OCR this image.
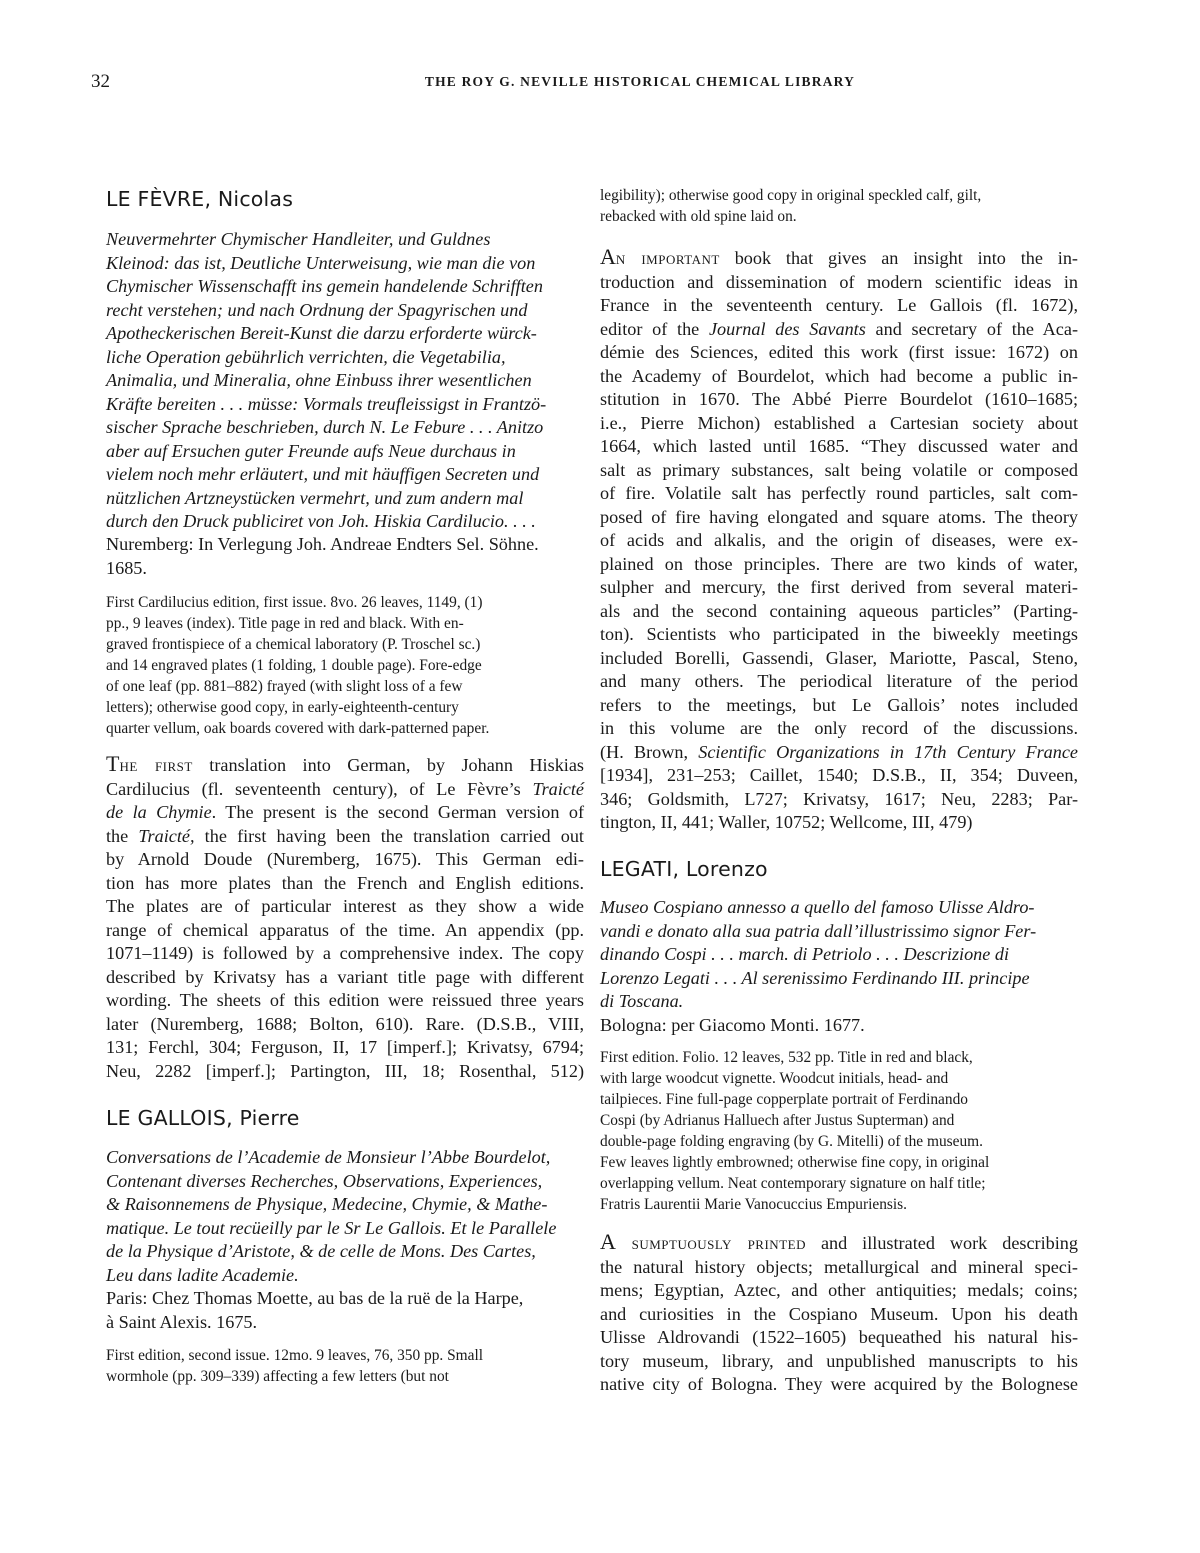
32	THE ROY G. NEVILLE HISTORICAL CHEMICAL LIBRARY
LE FÈVRE, Nicolas
Neuvermehrter Chymischer Handleiter, und Guldnes
Kleinod: das ist, Deutliche Unterweisung, wie man die von
Chymischer Wissenschafft ins gemein handelende Schrifften
recht verstehen; und nach Ordnung der Spagyrischen und
Apotheckerischen Bereit-Kunst die darzu erforderte würck-
liche Operation gebührlich verrichten, die Vegetabilia,
Animalia, und Mineralia, ohne Einbuss ihrer wesentlichen
Kräfte bereiten . . . müsse: Vormals treufleissigst in Frantzö-
sischer Sprache beschrieben, durch N. Le Febure . . . Anitzo
aber auf Ersuchen guter Freunde aufs Neue durchaus in
vielem noch mehr erläutert, und mit häuffigen Secreten und
nützlichen Artzneystücken vermehrt, und zum andern mal
durch den Druck publiciret von Joh. Hiskia Cardilucio. . . .
Nuremberg: In Verlegung Joh. Andreae Endters Sel. Söhne.
1685.
First Cardilucius edition, first issue. 8vo. 26 leaves, 1149, (1)
pp., 9 leaves (index). Title page in red and black. With en-
graved frontispiece of a chemical laboratory (P. Troschel sc.)
and 14 engraved plates (1 folding, 1 double page). Fore-edge
of one leaf (pp. 881–882) frayed (with slight loss of a few
letters); otherwise good copy, in early-eighteenth-century
quarter vellum, oak boards covered with dark-patterned paper.
The first translation into German, by Johann Hiskias
Cardilucius (fl. seventeenth century), of Le Fèvre’s Traicté
de la Chymie. The present is the second German version of
the Traicté, the first having been the translation carried out
by Arnold Doude (Nuremberg, 1675). This German edi-
tion has more plates than the French and English editions.
The plates are of particular interest as they show a wide
range of chemical apparatus of the time. An appendix (pp.
1071–1149) is followed by a comprehensive index. The copy
described by Krivatsy has a variant title page with different
wording. The sheets of this edition were reissued three years
later (Nuremberg, 1688; Bolton, 610). Rare. (D.S.B., VIII,
131; Ferchl, 304; Ferguson, II, 17 [imperf.]; Krivatsy, 6794;
Neu, 2282 [imperf.]; Partington, III, 18; Rosenthal, 512)
LE GALLOIS, Pierre
Conversations de l’Academie de Monsieur l’Abbe Bourdelot,
Contenant diverses Recherches, Observations, Experiences,
& Raisonnemens de Physique, Medecine, Chymie, & Mathe-
matique. Le tout recüeilly par le Sr Le Gallois. Et le Parallele
de la Physique d’Aristote, & de celle de Mons. Des Cartes,
Leu dans ladite Academie.
Paris: Chez Thomas Moette, au bas de la ruë de la Harpe,
à Saint Alexis. 1675.
First edition, second issue. 12mo. 9 leaves, 76, 350 pp. Small
wormhole (pp. 309–339) affecting a few letters (but not
legibility); otherwise good copy in original speckled calf, gilt,
rebacked with old spine laid on.
An important book that gives an insight into the in-
troduction and dissemination of modern scientific ideas in
France in the seventeenth century. Le Gallois (fl. 1672),
editor of the Journal des Savants and secretary of the Aca-
démie des Sciences, edited this work (first issue: 1672) on
the Academy of Bourdelot, which had become a public in-
stitution in 1670. The Abbé Pierre Bourdelot (1610–1685;
i.e., Pierre Michon) established a Cartesian society about
1664, which lasted until 1685. “They discussed water and
salt as primary substances, salt being volatile or composed
of fire. Volatile salt has perfectly round particles, salt com-
posed of fire having elongated and square atoms. The theory
of acids and alkalis, and the origin of diseases, were ex-
plained on those principles. There are two kinds of water,
sulpher and mercury, the first derived from several materi-
als and the second containing aqueous particles” (Parting-
ton). Scientists who participated in the biweekly meetings
included Borelli, Gassendi, Glaser, Mariotte, Pascal, Steno,
and many others. The periodical literature of the period
refers to the meetings, but Le Gallois’ notes included
in this volume are the only record of the discussions.
(H. Brown, Scientific Organizations in 17th Century France
[1934], 231–253; Caillet, 1540; D.S.B., II, 354; Duveen,
346; Goldsmith, L727; Krivatsy, 1617; Neu, 2283; Par-
tington, II, 441; Waller, 10752; Wellcome, III, 479)
LEGATI, Lorenzo
Museo Cospiano annesso a quello del famoso Ulisse Aldro-
vandi e donato alla sua patria dall’illustrissimo signor Fer-
dinando Cospi . . . march. di Petriolo . . . Descrizione di
Lorenzo Legati . . . Al serenissimo Ferdinando III. principe
di Toscana.
Bologna: per Giacomo Monti. 1677.
First edition. Folio. 12 leaves, 532 pp. Title in red and black,
with large woodcut vignette. Woodcut initials, head- and
tailpieces. Fine full-page copperplate portrait of Ferdinando
Cospi (by Adrianus Halluech after Justus Supterman) and
double-page folding engraving (by G. Mitelli) of the museum.
Few leaves lightly embrowned; otherwise fine copy, in original
overlapping vellum. Neat contemporary signature on half title;
Fratris Laurentii Marie Vanocuccius Empuriensis.
A sumptuously printed and illustrated work describing
the natural history objects; metallurgical and mineral speci-
mens; Egyptian, Aztec, and other antiquities; medals; coins;
and curiosities in the Cospiano Museum. Upon his death
Ulisse Aldrovandi (1522–1605) bequeathed his natural his-
tory museum, library, and unpublished manuscripts to his
native city of Bologna. They were acquired by the Bolognese
